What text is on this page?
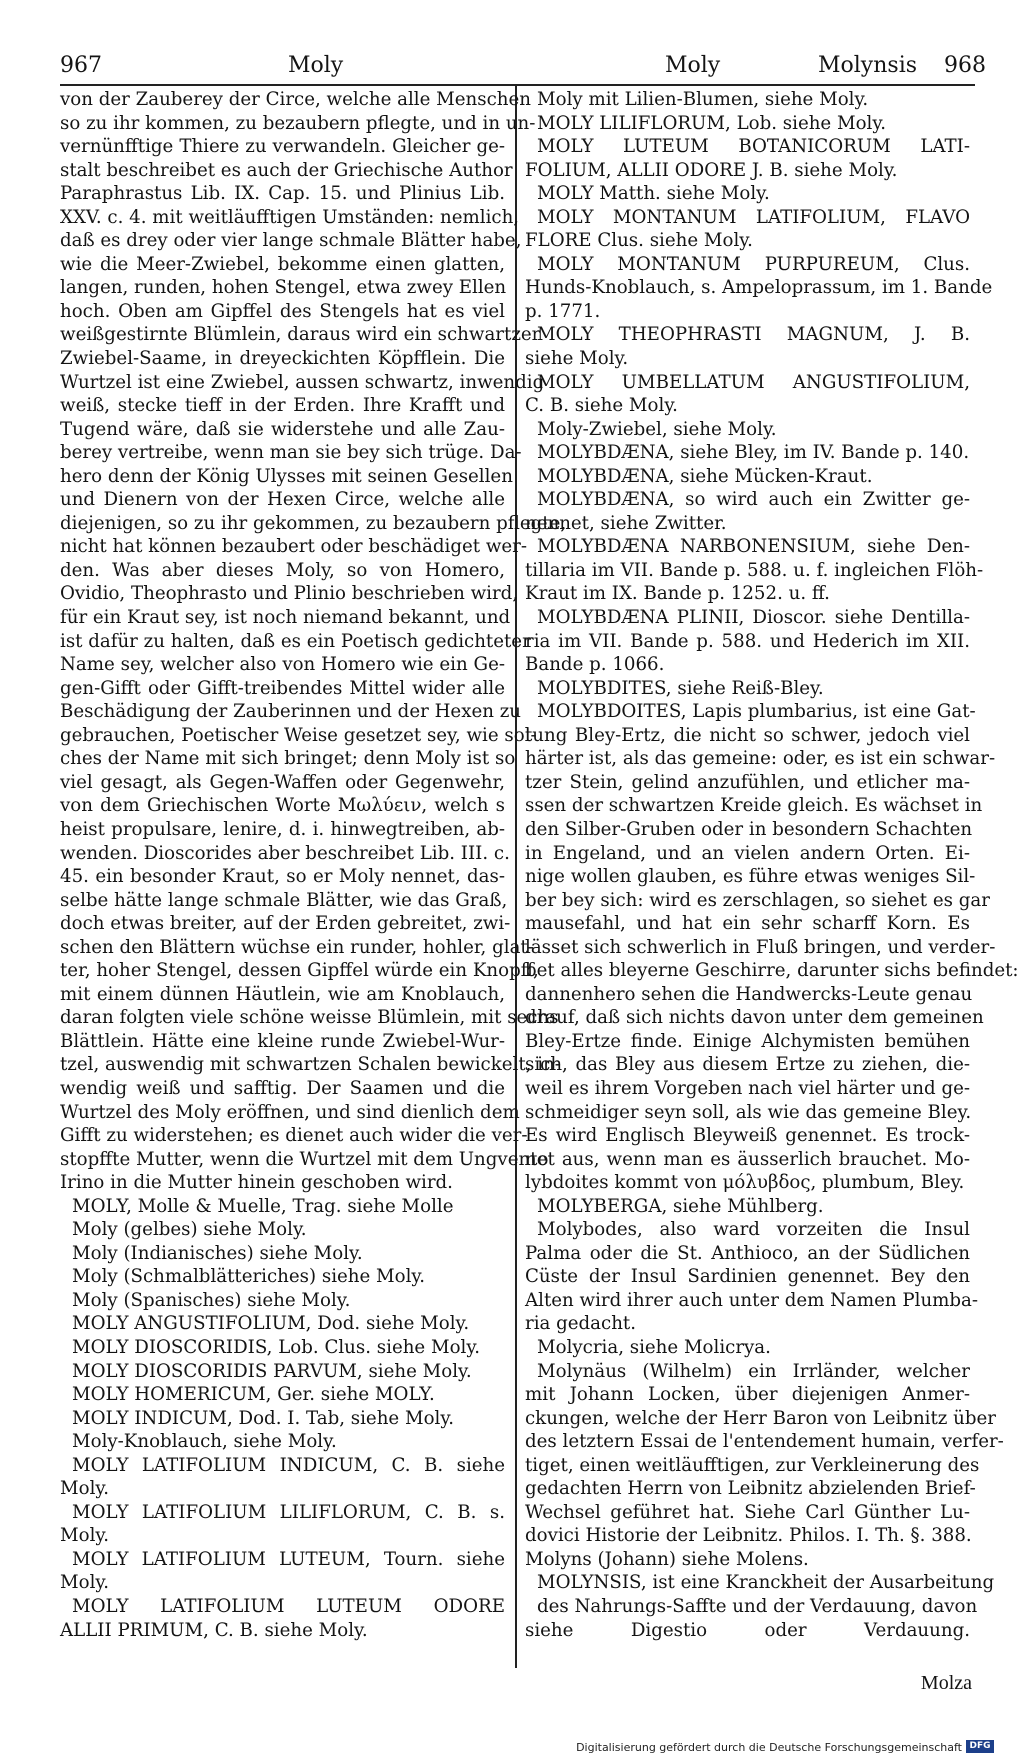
967	Moly	Moly	Molynsis 968
von der Zauberey der Circe, welche alle Menschen
so zu ihr kommen, zu bezaubern pflegte, und in un-
vernünfftige Thiere zu verwandeln. Gleicher ge-
stalt beschreibet es auch der Griechische Author
Paraphrastus Lib. IX. Cap. 15. und Plinius Lib.
XXV. c. 4. mit weitläufftigen Umständen: nemlich,
daß es drey oder vier lange schmale Blätter habe,
wie die Meer-Zwiebel, bekomme einen glatten,
langen, runden, hohen Stengel, etwa zwey Ellen
hoch. Oben am Gipffel des Stengels hat es viel
weißgestirnte Blümlein, daraus wird ein schwartzer
Zwiebel-Saame, in dreyeckichten Köpfflein. Die
Wurtzel ist eine Zwiebel, aussen schwartz, inwendig
weiß, stecke tieff in der Erden. Ihre Krafft und
Tugend wäre, daß sie widerstehe und alle Zau-
berey vertreibe, wenn man sie bey sich trüge. Da-
hero denn der König Ulysses mit seinen Gesellen
und Dienern von der Hexen Circe, welche alle
diejenigen, so zu ihr gekommen, zu bezaubern pflegte,
nicht hat können bezaubert oder beschädiget wer-
den. Was aber dieses Moly, so von Homero,
Ovidio, Theophrasto und Plinio beschrieben wird,
für ein Kraut sey, ist noch niemand bekannt, und
ist dafür zu halten, daß es ein Poetisch gedichteter
Name sey, welcher also von Homero wie ein Ge-
gen-Gifft oder Gifft-treibendes Mittel wider alle
Beschädigung der Zauberinnen und der Hexen zu
gebrauchen, Poetischer Weise gesetzet sey, wie sol-
ches der Name mit sich bringet; denn Moly ist so
viel gesagt, als Gegen-Waffen oder Gegenwehr,
von dem Griechischen Worte Μωλύειν, welch s
heist propulsare, lenire, d. i. hinwegtreiben, ab-
wenden. Dioscorides aber beschreibet Lib. III. c.
45. ein besonder Kraut, so er Moly nennet, das-
selbe hätte lange schmale Blätter, wie das Graß,
doch etwas breiter, auf der Erden gebreitet, zwi-
schen den Blättern wüchse ein runder, hohler, glat-
ter, hoher Stengel, dessen Gipffel würde ein Knopff,
mit einem dünnen Häutlein, wie am Knoblauch,
daran folgten viele schöne weisse Blümlein, mit sechs
Blättlein. Hätte eine kleine runde Zwiebel-Wur-
tzel, auswendig mit schwartzen Schalen bewickelt, in-
wendig weiß und safftig. Der Saamen und die
Wurtzel des Moly eröffnen, und sind dienlich dem
Gifft zu widerstehen; es dienet auch wider die ver-
stopffte Mutter, wenn die Wurtzel mit dem Ungvento
Irino in die Mutter hinein geschoben wird.
MOLY, Molle & Muelle, Trag. siehe Molle
Moly (gelbes) siehe Moly.
Moly (Indianisches) siehe Moly.
Moly (Schmalblätteriches) siehe Moly.
Moly (Spanisches) siehe Moly.
MOLY ANGUSTIFOLIUM, Dod. siehe Moly.
MOLY DIOSCORIDIS, Lob. Clus. siehe Moly.
MOLY DIOSCORIDIS PARVUM, siehe Moly.
MOLY HOMERICUM, Ger. siehe MOLY.
MOLY INDICUM, Dod. I. Tab, siehe Moly.
Moly-Knoblauch, siehe Moly.
MOLY LATIFOLIUM INDICUM, C. B. siehe
Moly.
MOLY LATIFOLIUM LILIFLORUM, C. B. s.
Moly.
MOLY LATIFOLIUM LUTEUM, Tourn. siehe
Moly.
MOLY LATIFOLIUM LUTEUM ODORE
ALLII PRIMUM, C. B. siehe Moly.
Moly mit Lilien-Blumen, siehe Moly.
MOLY LILIFLORUM, Lob. siehe Moly.
MOLY LUTEUM BOTANICORUM LATI-
FOLIUM, ALLII ODORE J. B. siehe Moly.
MOLY Matth. siehe Moly.
MOLY MONTANUM LATIFOLIUM, FLAVO
FLORE Clus. siehe Moly.
MOLY MONTANUM PURPUREUM, Clus.
Hunds-Knoblauch, s. Ampeloprassum, im 1. Bande
p. 1771.
MOLY THEOPHRASTI MAGNUM, J. B.
siehe Moly.
MOLY UMBELLATUM ANGUSTIFOLIUM,
C. B. siehe Moly.
Moly-Zwiebel, siehe Moly.
MOLYBDÆNA, siehe Bley, im IV. Bande p. 140.
MOLYBDÆNA, siehe Mücken-Kraut.
MOLYBDÆNA, so wird auch ein Zwitter ge-
nennet, siehe Zwitter.
MOLYBDÆNA NARBONENSIUM, siehe Den-
tillaria im VII. Bande p. 588. u. f. ingleichen Flöh-
Kraut im IX. Bande p. 1252. u. ff.
MOLYBDÆNA PLINII, Dioscor. siehe Dentilla-
ria im VII. Bande p. 588. und Hederich im XII.
Bande p. 1066.
MOLYBDITES, siehe Reiß-Bley.
MOLYBDOITES, Lapis plumbarius, ist eine Gat-
tung Bley-Ertz, die nicht so schwer, jedoch viel
härter ist, als das gemeine: oder, es ist ein schwar-
tzer Stein, gelind anzufühlen, und etlicher ma-
ssen der schwartzen Kreide gleich. Es wächset in
den Silber-Gruben oder in besondern Schachten
in Engeland, und an vielen andern Orten. Ei-
nige wollen glauben, es führe etwas weniges Sil-
ber bey sich: wird es zerschlagen, so siehet es gar
mausefahl, und hat ein sehr scharff Korn. Es
lässet sich schwerlich in Fluß bringen, und verder-
bet alles bleyerne Geschirre, darunter sichs befindet:
dannenhero sehen die Handwercks-Leute genau
drauf, daß sich nichts davon unter dem gemeinen
Bley-Ertze finde. Einige Alchymisten bemühen
sich, das Bley aus diesem Ertze zu ziehen, die-
weil es ihrem Vorgeben nach viel härter und ge-
schmeidiger seyn soll, als wie das gemeine Bley.
Es wird Englisch Bleyweiß genennet. Es trock-
net aus, wenn man es äusserlich brauchet. Mo-
lybdoites kommt von μόλυβδος, plumbum, Bley.
MOLYBERGA, siehe Mühlberg.
Molybodes, also ward vorzeiten die Insul
Palma oder die St. Anthioco, an der Südlichen
Cüste der Insul Sardinien genennet. Bey den
Alten wird ihrer auch unter dem Namen Plumba-
ria gedacht.
Molycria, siehe Molicrya.
Molynäus (Wilhelm) ein Irrländer, welcher
mit Johann Locken, über diejenigen Anmer-
ckungen, welche der Herr Baron von Leibnitz über
des letztern Essai de l'entendement humain, verfer-
tiget, einen weitläufftigen, zur Verkleinerung des
gedachten Herrn von Leibnitz abzielenden Brief-
Wechsel geführet hat. Siehe Carl Günther Lu-
dovici Historie der Leibnitz. Philos. I. Th. §. 388.
Molyns (Johann) siehe Molens.
MOLYNSIS, ist eine Kranckheit der Ausarbeitung
des Nahrungs-Saffte und der Verdauung, davon
siehe Digestio oder Verdauung.
Molza
Digitalisierung gefördert durch die Deutsche Forschungsgemeinschaft DFG
